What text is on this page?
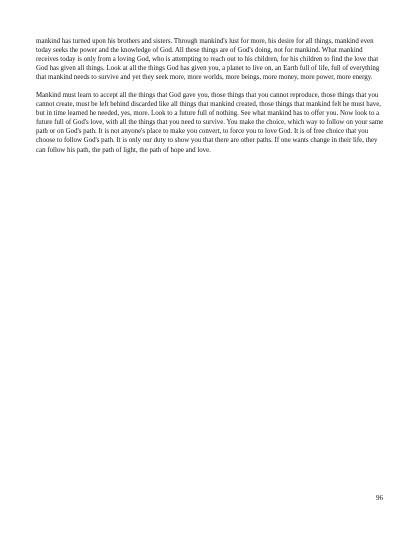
mankind has turned upon his brothers and sisters. Through mankind's lust for more, his desire for all things, mankind even today seeks the power and the knowledge of God. All these things are of God's doing, not for mankind. What mankind receives today is only from a loving God, who is attempting to reach out to his children, for his children to find the love that God has given all things. Look at all the things God has given you, a planet to live on, an Earth full of life, full of everything that mankind needs to survive and yet they seek more, more worlds, more beings, more money, more power, more energy.

Mankind must learn to accept all the things that God gave you, those things that you cannot reproduce, those things that you cannot create, must be left behind discarded like all things that mankind created, those things that mankind felt he must have, but in time learned he needed, yes, more. Look to a future full of nothing. See what mankind has to offer you. Now look to a future full of God's love, with all the things that you need to survive. You make the choice, which way to follow on your same path or on God's path. It is not anyone's place to make you convert, to force you to love God. It is of free choice that you choose to follow God's path. It is only our duty to show you that there are other paths. If one wants change in their life, they can follow his path, the path of light, the path of hope and love.

96
